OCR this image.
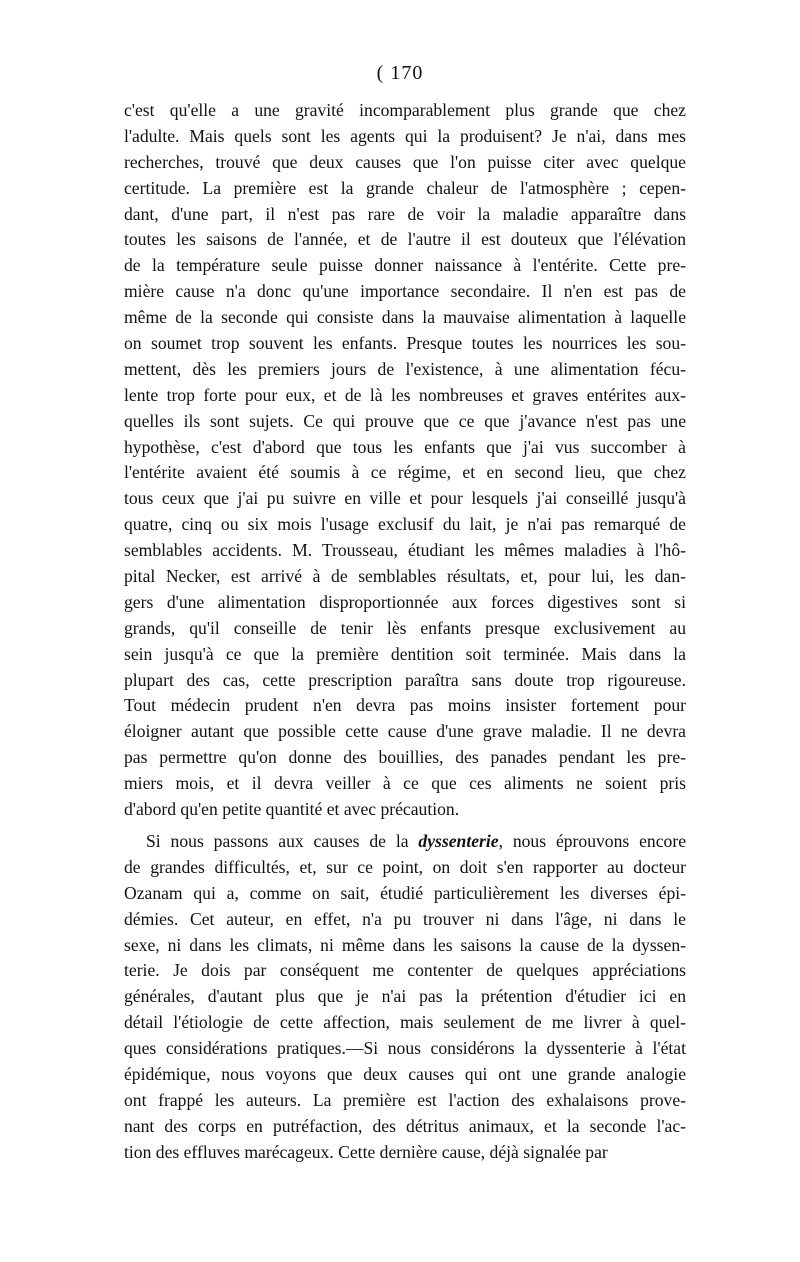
( 170
c'est qu'elle a une gravité incomparablement plus grande que chez
l'adulte. Mais quels sont les agents qui la produisent? Je n'ai, dans mes
recherches, trouvé que deux causes que l'on puisse citer avec quelque
certitude. La première est la grande chaleur de l'atmosphère ; cepen-
dant, d'une part, il n'est pas rare de voir la maladie apparaître dans
toutes les saisons de l'année, et de l'autre il est douteux que l'élévation
de la température seule puisse donner naissance à l'entérite. Cette pre-
mière cause n'a donc qu'une importance secondaire. Il n'en est pas de
même de la seconde qui consiste dans la mauvaise alimentation à laquelle
on soumet trop souvent les enfants. Presque toutes les nourrices les sou-
mettent, dès les premiers jours de l'existence, à une alimentation fécu-
lente trop forte pour eux, et de là les nombreuses et graves entérites aux-
quelles ils sont sujets. Ce qui prouve que ce que j'avance n'est pas une
hypothèse, c'est d'abord que tous les enfants que j'ai vus succomber à
l'entérite avaient été soumis à ce régime, et en second lieu, que chez
tous ceux que j'ai pu suivre en ville et pour lesquels j'ai conseillé jusqu'à
quatre, cinq ou six mois l'usage exclusif du lait, je n'ai pas remarqué de
semblables accidents. M. Trousseau, étudiant les mêmes maladies à l'hô-
pital Necker, est arrivé à de semblables résultats, et, pour lui, les dan-
gers d'une alimentation disproportionnée aux forces digestives sont si
grands, qu'il conseille de tenir lès enfants presque exclusivement au
sein jusqu'à ce que la première dentition soit terminée. Mais dans la
plupart des cas, cette prescription paraîtra sans doute trop rigoureuse.
Tout médecin prudent n'en devra pas moins insister fortement pour
éloigner autant que possible cette cause d'une grave maladie. Il ne devra
pas permettre qu'on donne des bouillies, des panades pendant les pre-
miers mois, et il devra veiller à ce que ces aliments ne soient pris
d'abord qu'en petite quantité et avec précaution.
Si nous passons aux causes de la dyssenterie, nous éprouvons encore
de grandes difficultés, et, sur ce point, on doit s'en rapporter au docteur
Ozanam qui a, comme on sait, étudié particulièrement les diverses épi-
démies. Cet auteur, en effet, n'a pu trouver ni dans l'âge, ni dans le
sexe, ni dans les climats, ni même dans les saisons la cause de la dyssen-
terie. Je dois par conséquent me contenter de quelques appréciations
générales, d'autant plus que je n'ai pas la prétention d'étudier ici en
détail l'étiologie de cette affection, mais seulement de me livrer à quel-
ques considérations pratiques.—Si nous considérons la dyssenterie à l'état
épidémique, nous voyons que deux causes qui ont une grande analogie
ont frappé les auteurs. La première est l'action des exhalaisons prove-
nant des corps en putréfaction, des détritus animaux, et la seconde l'ac-
tion des effluves marécageux. Cette dernière cause, déjà signalée par
